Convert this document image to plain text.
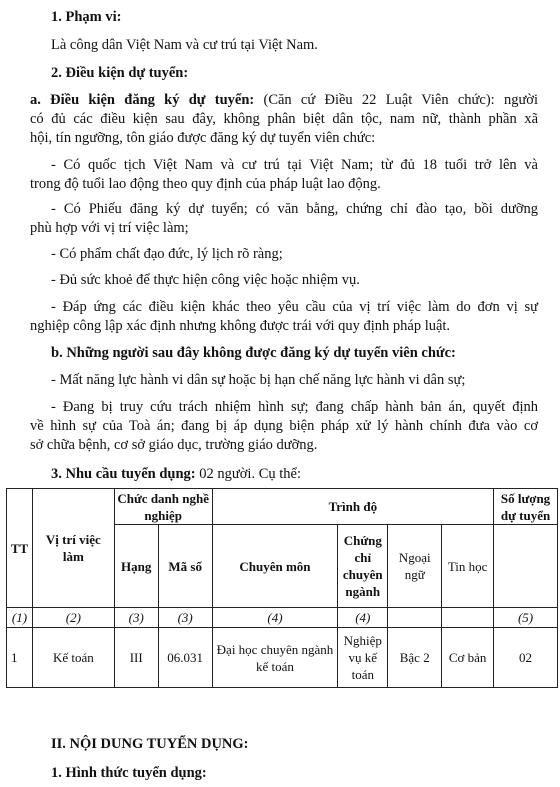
1. Phạm vi:
Là công dân Việt Nam và cư trú tại Việt Nam.
2. Điều kiện dự tuyển:
a. Điều kiện đăng ký dự tuyển: (Căn cứ Điều 22 Luật Viên chức): người
có đủ các điều kiện sau đây, không phân biệt dân tộc, nam nữ, thành phần xã
hội, tín ngưỡng, tôn giáo được đăng ký dự tuyển viên chức:
- Có quốc tịch Việt Nam và cư trú tại Việt Nam; từ đủ 18 tuổi trở lên và
trong độ tuổi lao động theo quy định của pháp luật lao động.
- Có Phiếu đăng ký dự tuyển; có văn bằng, chứng chỉ đào tạo, bồi dưỡng
phù hợp với vị trí việc làm;
- Có phẩm chất đạo đức, lý lịch rõ ràng;
- Đủ sức khoẻ để thực hiện công việc hoặc nhiệm vụ.
- Đáp ứng các điều kiện khác theo yêu cầu của vị trí việc làm do đơn vị sự
nghiệp công lập xác định nhưng không được trái với quy định pháp luật.
b. Những người sau đây không được đăng ký dự tuyển viên chức:
- Mất năng lực hành vi dân sự hoặc bị hạn chế năng lực hành vi dân sự;
- Đang bị truy cứu trách nhiệm hình sự; đang chấp hành bản án, quyết định
về hình sự của Toà án; đang bị áp dụng biện pháp xử lý hành chính đưa vào cơ
sở chữa bệnh, cơ sở giáo dục, trường giáo dưỡng.
3. Nhu cầu tuyển dụng: 02 người. Cụ thể:
TT	Vị trí việc làm	Chức danh nghề nghiệp		Trình độ				Số lượng dự tuyển
		Hạng	Mã số	Chuyên môn	Chứng chỉ chuyên ngành	Ngoại ngữ	Tin học	
(1)	(2)	(3)	(3)	(4)	(4)			(5)
1	Kế toán	III	06.031	Đại học chuyên ngành kế toán	Nghiệp vụ kế toán	Bậc 2	Cơ bản	02
II. NỘI DUNG TUYỂN DỤNG:
1. Hình thức tuyển dụng:
